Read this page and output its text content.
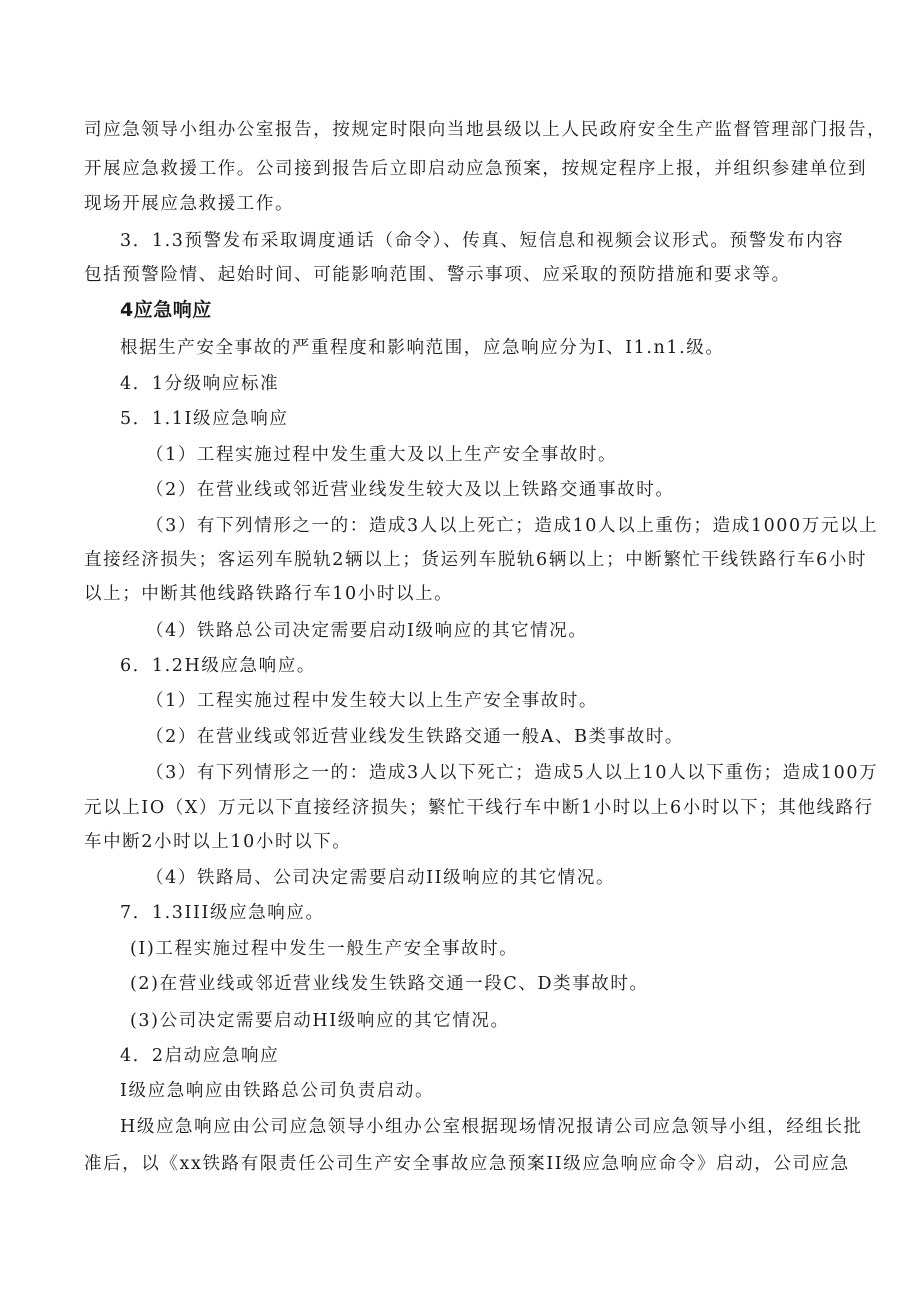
司应急领导小组办公室报告，按规定时限向当地县级以上人民政府安全生产监督管理部门报告，
开展应急救援工作。公司接到报告后立即启动应急预案，按规定程序上报，并组织参建单位到
现场开展应急救援工作。
3．1.3预警发布采取调度通话（命令）、传真、短信息和视频会议形式。预警发布内容
包括预警险情、起始时间、可能影响范围、警示事项、应采取的预防措施和要求等。
4应急响应
根据生产安全事故的严重程度和影响范围，应急响应分为I、I1.n1.级。
4．1分级响应标准
5．1.1I级应急响应
（1）工程实施过程中发生重大及以上生产安全事故时。
（2）在营业线或邻近营业线发生较大及以上铁路交通事故时。
（3）有下列情形之一的：造成3人以上死亡；造成10人以上重伤；造成1000万元以上
直接经济损失；客运列车脱轨2辆以上；货运列车脱轨6辆以上；中断繁忙干线铁路行车6小时
以上；中断其他线路铁路行车10小时以上。
（4）铁路总公司决定需要启动I级响应的其它情况。
6．1.2H级应急响应。
（1）工程实施过程中发生较大以上生产安全事故时。
（2）在营业线或邻近营业线发生铁路交通一般A、B类事故时。
（3）有下列情形之一的：造成3人以下死亡；造成5人以上10人以下重伤；造成100万
元以上IO（X）万元以下直接经济损失；繁忙干线行车中断1小时以上6小时以下；其他线路行
车中断2小时以上10小时以下。
（4）铁路局、公司决定需要启动II级响应的其它情况。
7．1.3III级应急响应。
(I)工程实施过程中发生一般生产安全事故时。
(2)在营业线或邻近营业线发生铁路交通一段C、D类事故时。
(3)公司决定需要启动HI级响应的其它情况。
4．2启动应急响应
I级应急响应由铁路总公司负责启动。
H级应急响应由公司应急领导小组办公室根据现场情况报请公司应急领导小组，经组长批
准后，以《xx铁路有限责任公司生产安全事故应急预案II级应急响应命令》启动，公司应急
